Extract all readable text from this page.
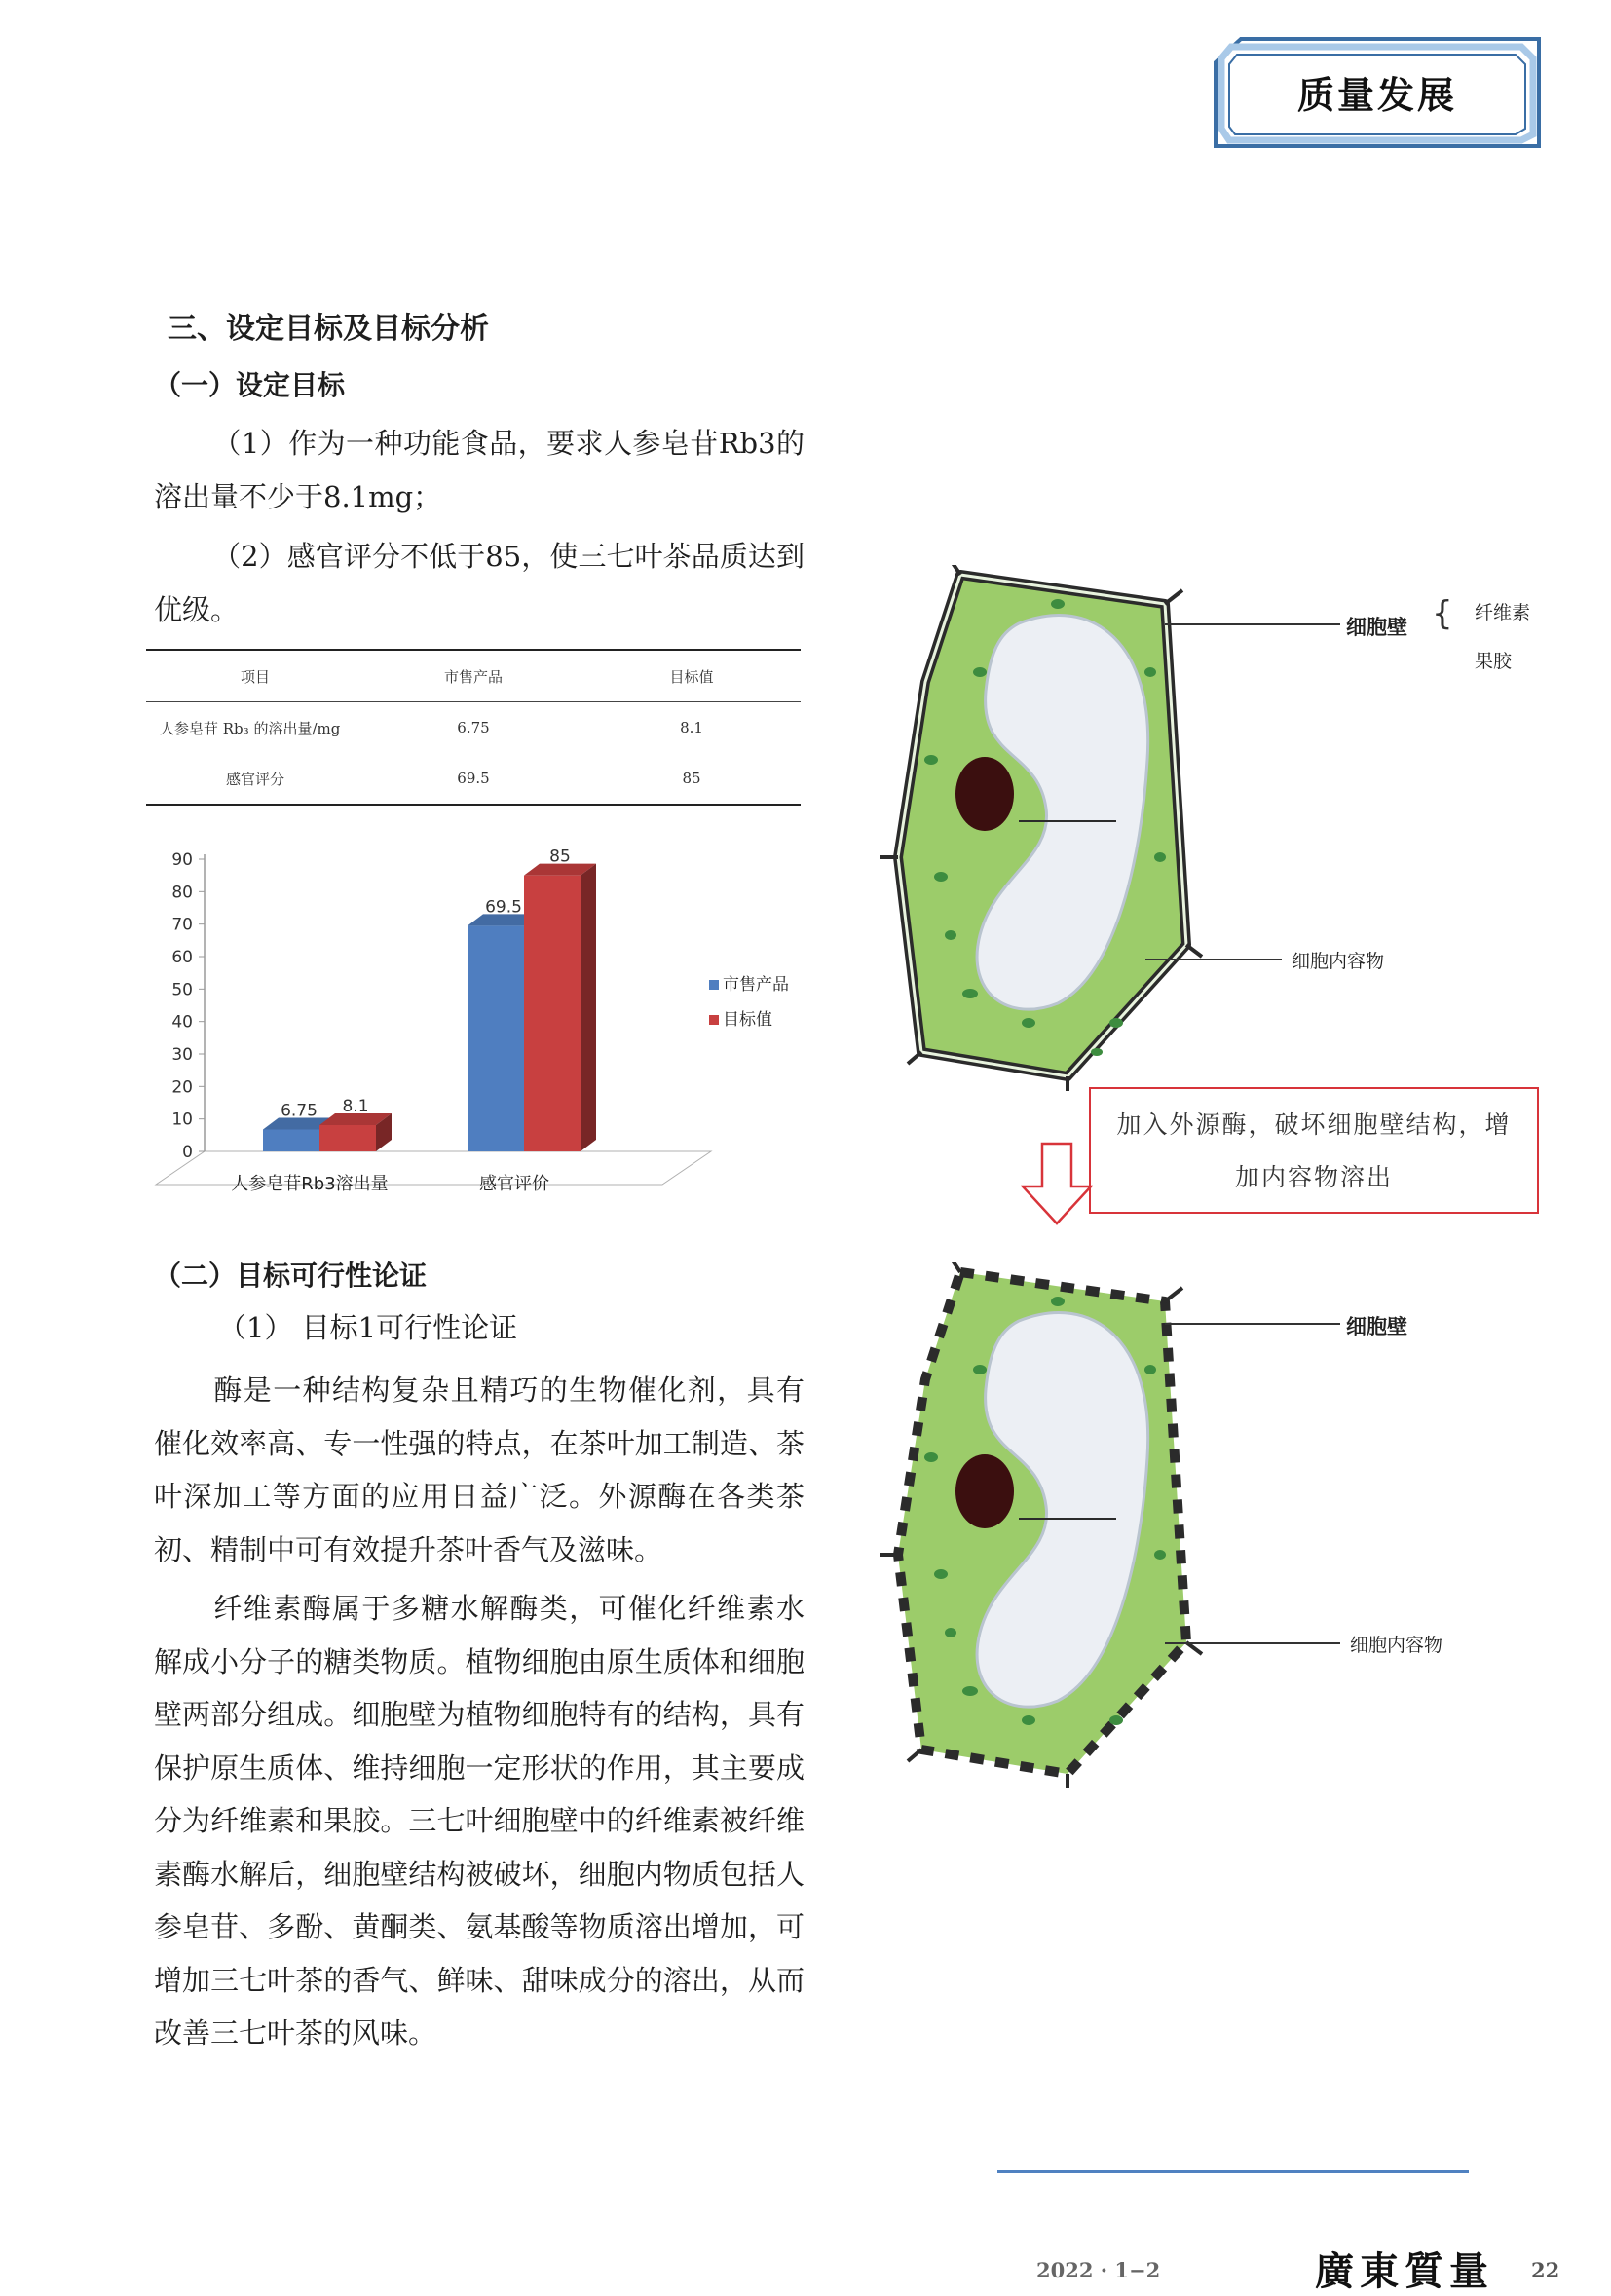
质量发展
三、设定目标及目标分析
（一）设定目标
（1）作为一种功能食品，要求人参皂苷Rb3的溶出量不少于8.1mg；
（2）感官评分不低于85，使三七叶茶品质达到优级。
项目	市售产品	目标值
人参皂苷 Rb₃ 的溶出量/mg	6.75	8.1
感官评分	69.5	85
0
10
20
30
40
50
60
70
80
90
6.75 8.1
人参皂苷Rb3溶出量
69.5
85
感官评价
市售产品
目标值
（二）目标可行性论证
（1） 目标1可行性论证
酶是一种结构复杂且精巧的生物催化剂，具有催化效率高、专一性强的特点，在茶叶加工制造、茶叶深加工等方面的应用日益广泛。外源酶在各类茶初、精制中可有效提升茶叶香气及滋味。
纤维素酶属于多糖水解酶类，可催化纤维素水解成小分子的糖类物质。植物细胞由原生质体和细胞壁两部分组成。细胞壁为植物细胞特有的结构，具有保护原生质体、维持细胞一定形状的作用，其主要成分为纤维素和果胶。三七叶细胞壁中的纤维素被纤维素酶水解后，细胞壁结构被破坏，细胞内物质包括人参皂苷、多酚、黄酮类、氨基酸等物质溶出增加，可增加三七叶茶的香气、鲜味、甜味成分的溶出，从而改善三七叶茶的风味。
细胞壁 { 纤维素
果胶
细胞内容物
加入外源酶，破坏细胞壁结构，增加内容物溶出
细胞壁
细胞内容物
2022 · 1−2	廣東質量 22
